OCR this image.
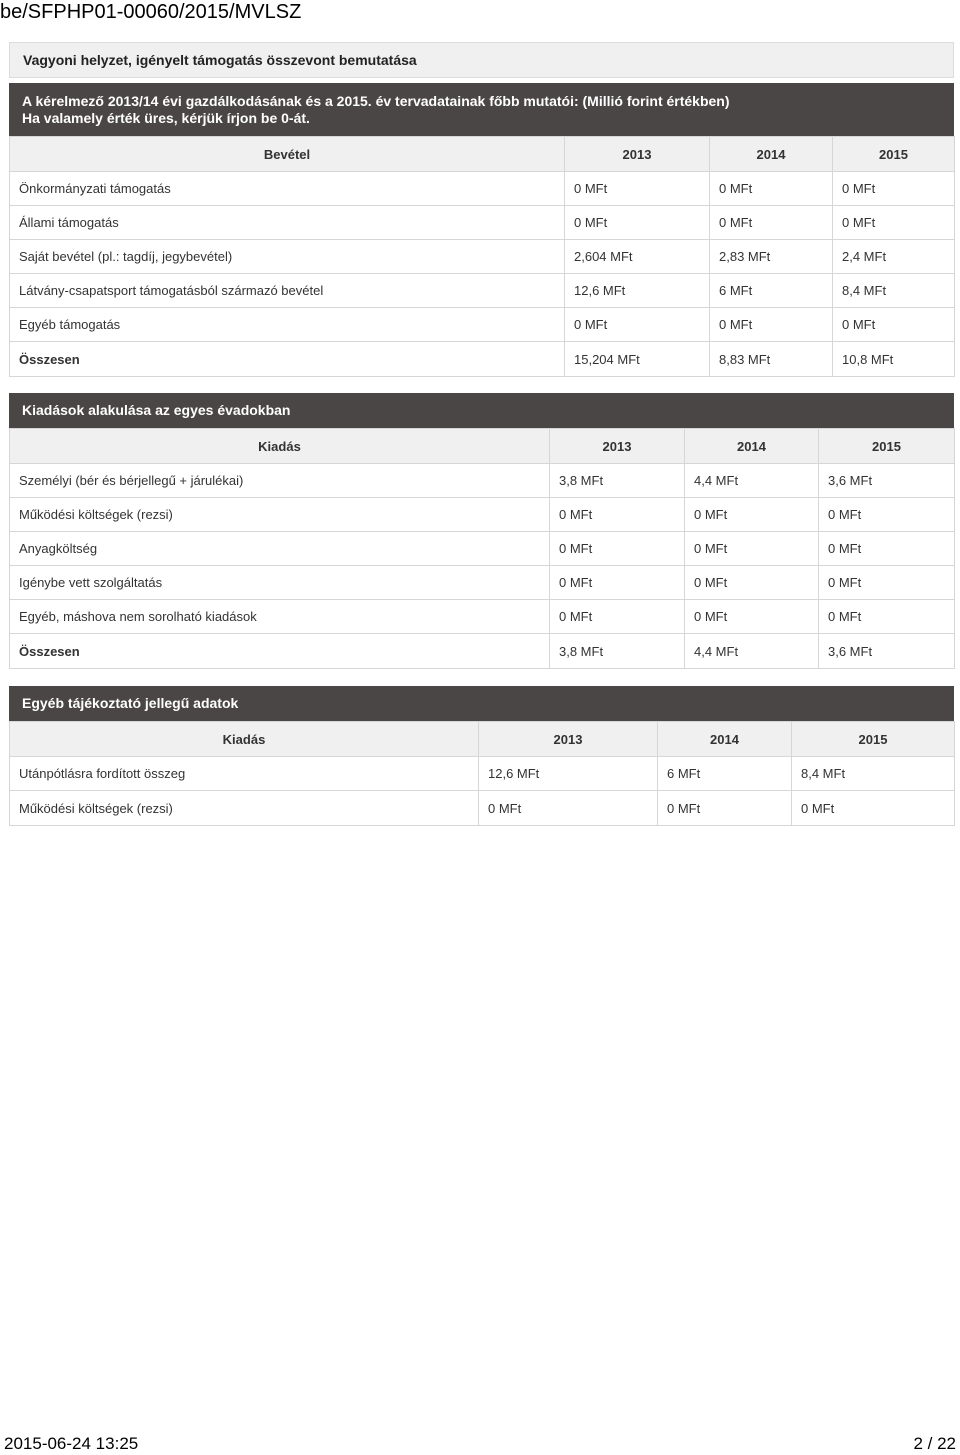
be/SFPHP01-00060/2015/MVLSZ
Vagyoni helyzet, igényelt támogatás összevont bemutatása
A kérelmező 2013/14 évi gazdálkodásának és a 2015. év tervadatainak főbb mutatói: (Millió forint értékben)
Ha valamely érték üres, kérjük írjon be 0-át.
Bevétel	2013	2014	2015
Önkormányzati támogatás	0 MFt	0 MFt	0 MFt
Állami támogatás	0 MFt	0 MFt	0 MFt
Saját bevétel (pl.: tagdíj, jegybevétel)	2,604 MFt	2,83 MFt	2,4 MFt
Látvány-csapatsport támogatásból származó bevétel	12,6 MFt	6 MFt	8,4 MFt
Egyéb támogatás	0 MFt	0 MFt	0 MFt
Összesen	15,204 MFt	8,83 MFt	10,8 MFt
Kiadások alakulása az egyes évadokban
Kiadás	2013	2014	2015
Személyi (bér és bérjellegű + járulékai)	3,8 MFt	4,4 MFt	3,6 MFt
Működési költségek (rezsi)	0 MFt	0 MFt	0 MFt
Anyagköltség	0 MFt	0 MFt	0 MFt
Igénybe vett szolgáltatás	0 MFt	0 MFt	0 MFt
Egyéb, máshova nem sorolható kiadások	0 MFt	0 MFt	0 MFt
Összesen	3,8 MFt	4,4 MFt	3,6 MFt
Egyéb tájékoztató jellegű adatok
Kiadás	2013	2014	2015
Utánpótlásra fordított összeg	12,6 MFt	6 MFt	8,4 MFt
Működési költségek (rezsi)	0 MFt	0 MFt	0 MFt
2015-06-24 13:25	2 / 22
